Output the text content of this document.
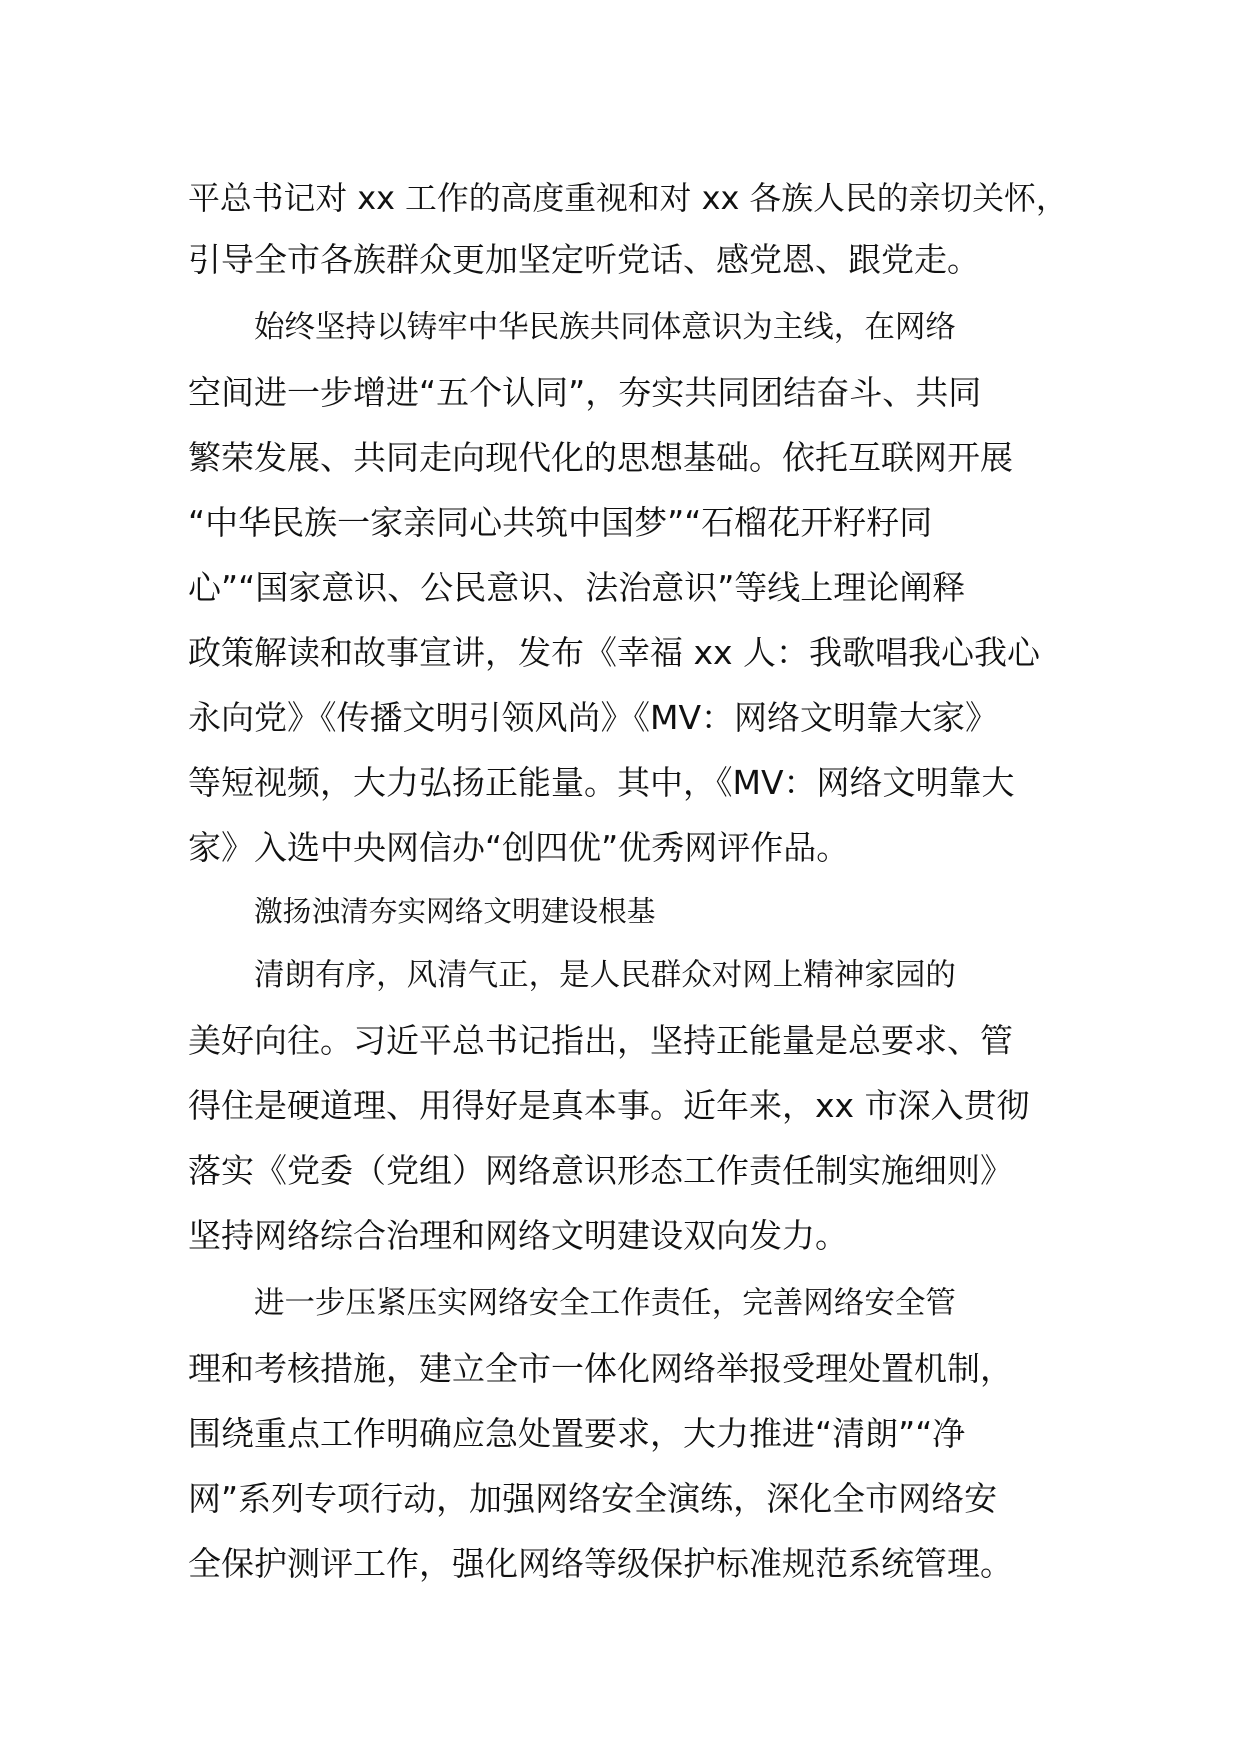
平总书记对 xx 工作的高度重视和对 xx 各族人民的亲切关怀，
引导全市各族群众更加坚定听党话、感党恩、跟党走。
始终坚持以铸牢中华民族共同体意识为主线，在网络
空间进一步增进“五个认同”，夯实共同团结奋斗、共同
繁荣发展、共同走向现代化的思想基础。依托互联网开展
“中华民族一家亲同心共筑中国梦”“石榴花开籽籽同
心”“国家意识、公民意识、法治意识”等线上理论阐释
政策解读和故事宣讲，发布《幸福 xx 人：我歌唱我心我心
永向党》《传播文明引领风尚》《MV：网络文明靠大家》
等短视频，大力弘扬正能量。其中，《MV：网络文明靠大
家》入选中央网信办“创四优”优秀网评作品。
激扬浊清夯实网络文明建设根基
清朗有序，风清气正，是人民群众对网上精神家园的
美好向往。习近平总书记指出，坚持正能量是总要求、管
得住是硬道理、用得好是真本事。近年来，xx 市深入贯彻
落实《党委（党组）网络意识形态工作责任制实施细则》
坚持网络综合治理和网络文明建设双向发力。
进一步压紧压实网络安全工作责任，完善网络安全管
理和考核措施，建立全市一体化网络举报受理处置机制，
围绕重点工作明确应急处置要求，大力推进“清朗”“净
网”系列专项行动，加强网络安全演练，深化全市网络安
全保护测评工作，强化网络等级保护标准规范系统管理。
